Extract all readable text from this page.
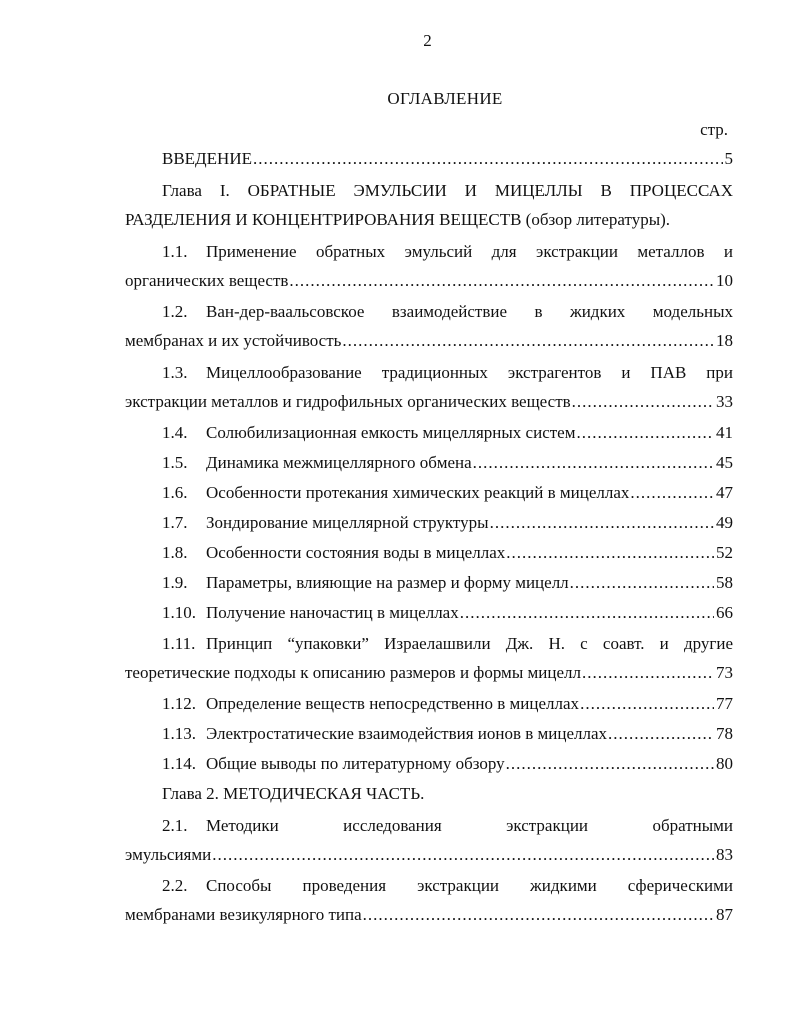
2
ОГЛАВЛЕНИЕ
стр.
ВВЕДЕНИЕ .....	5
Глава I. ОБРАТНЫЕ ЭМУЛЬСИИ И МИЦЕЛЛЫ В ПРОЦЕССАХ
РАЗДЕЛЕНИЯ И КОНЦЕНТРИРОВАНИЯ ВЕЩЕСТВ (обзор литературы).
1.1.	Применение обратных эмульсий для экстракции металлов и
органических веществ .....	10
1.2.	Ван-дер-ваальсовское взаимодействие в жидких модельных
мембранах и их устойчивость .....	18
1.3.	Мицеллообразование традиционных экстрагентов и ПАВ при
экстракции металлов и гидрофильных органических веществ .....	33
1.4.	Солюбилизационная емкость мицеллярных систем .....	41
1.5.	Динамика межмицеллярного обмена .....	45
1.6.	Особенности протекания химических реакций в мицеллах .....	47
1.7.	Зондирование мицеллярной структуры .....	49
1.8.	Особенности состояния воды в мицеллах .....	52
1.9.	Параметры, влияющие на размер и форму мицелл .....	58
1.10. Получение наночастиц в мицеллах .....	66
1.11. Принцип “упаковки” Израелашвили Дж. Н. с соавт. и другие
теоретические подходы к описанию размеров и формы мицелл .....	73
1.12. Определение веществ непосредственно в мицеллах .....	77
1.13. Электростатические взаимодействия ионов в мицеллах .....	78
1.14. Общие выводы по литературному обзору .....	80
Глава 2. МЕТОДИЧЕСКАЯ ЧАСТЬ.
2.1.	Методики исследования экстракции обратными
эмульсиями .....	83
2.2.	Способы проведения экстракции жидкими сферическими
мембранами везикулярного типа .....	87
